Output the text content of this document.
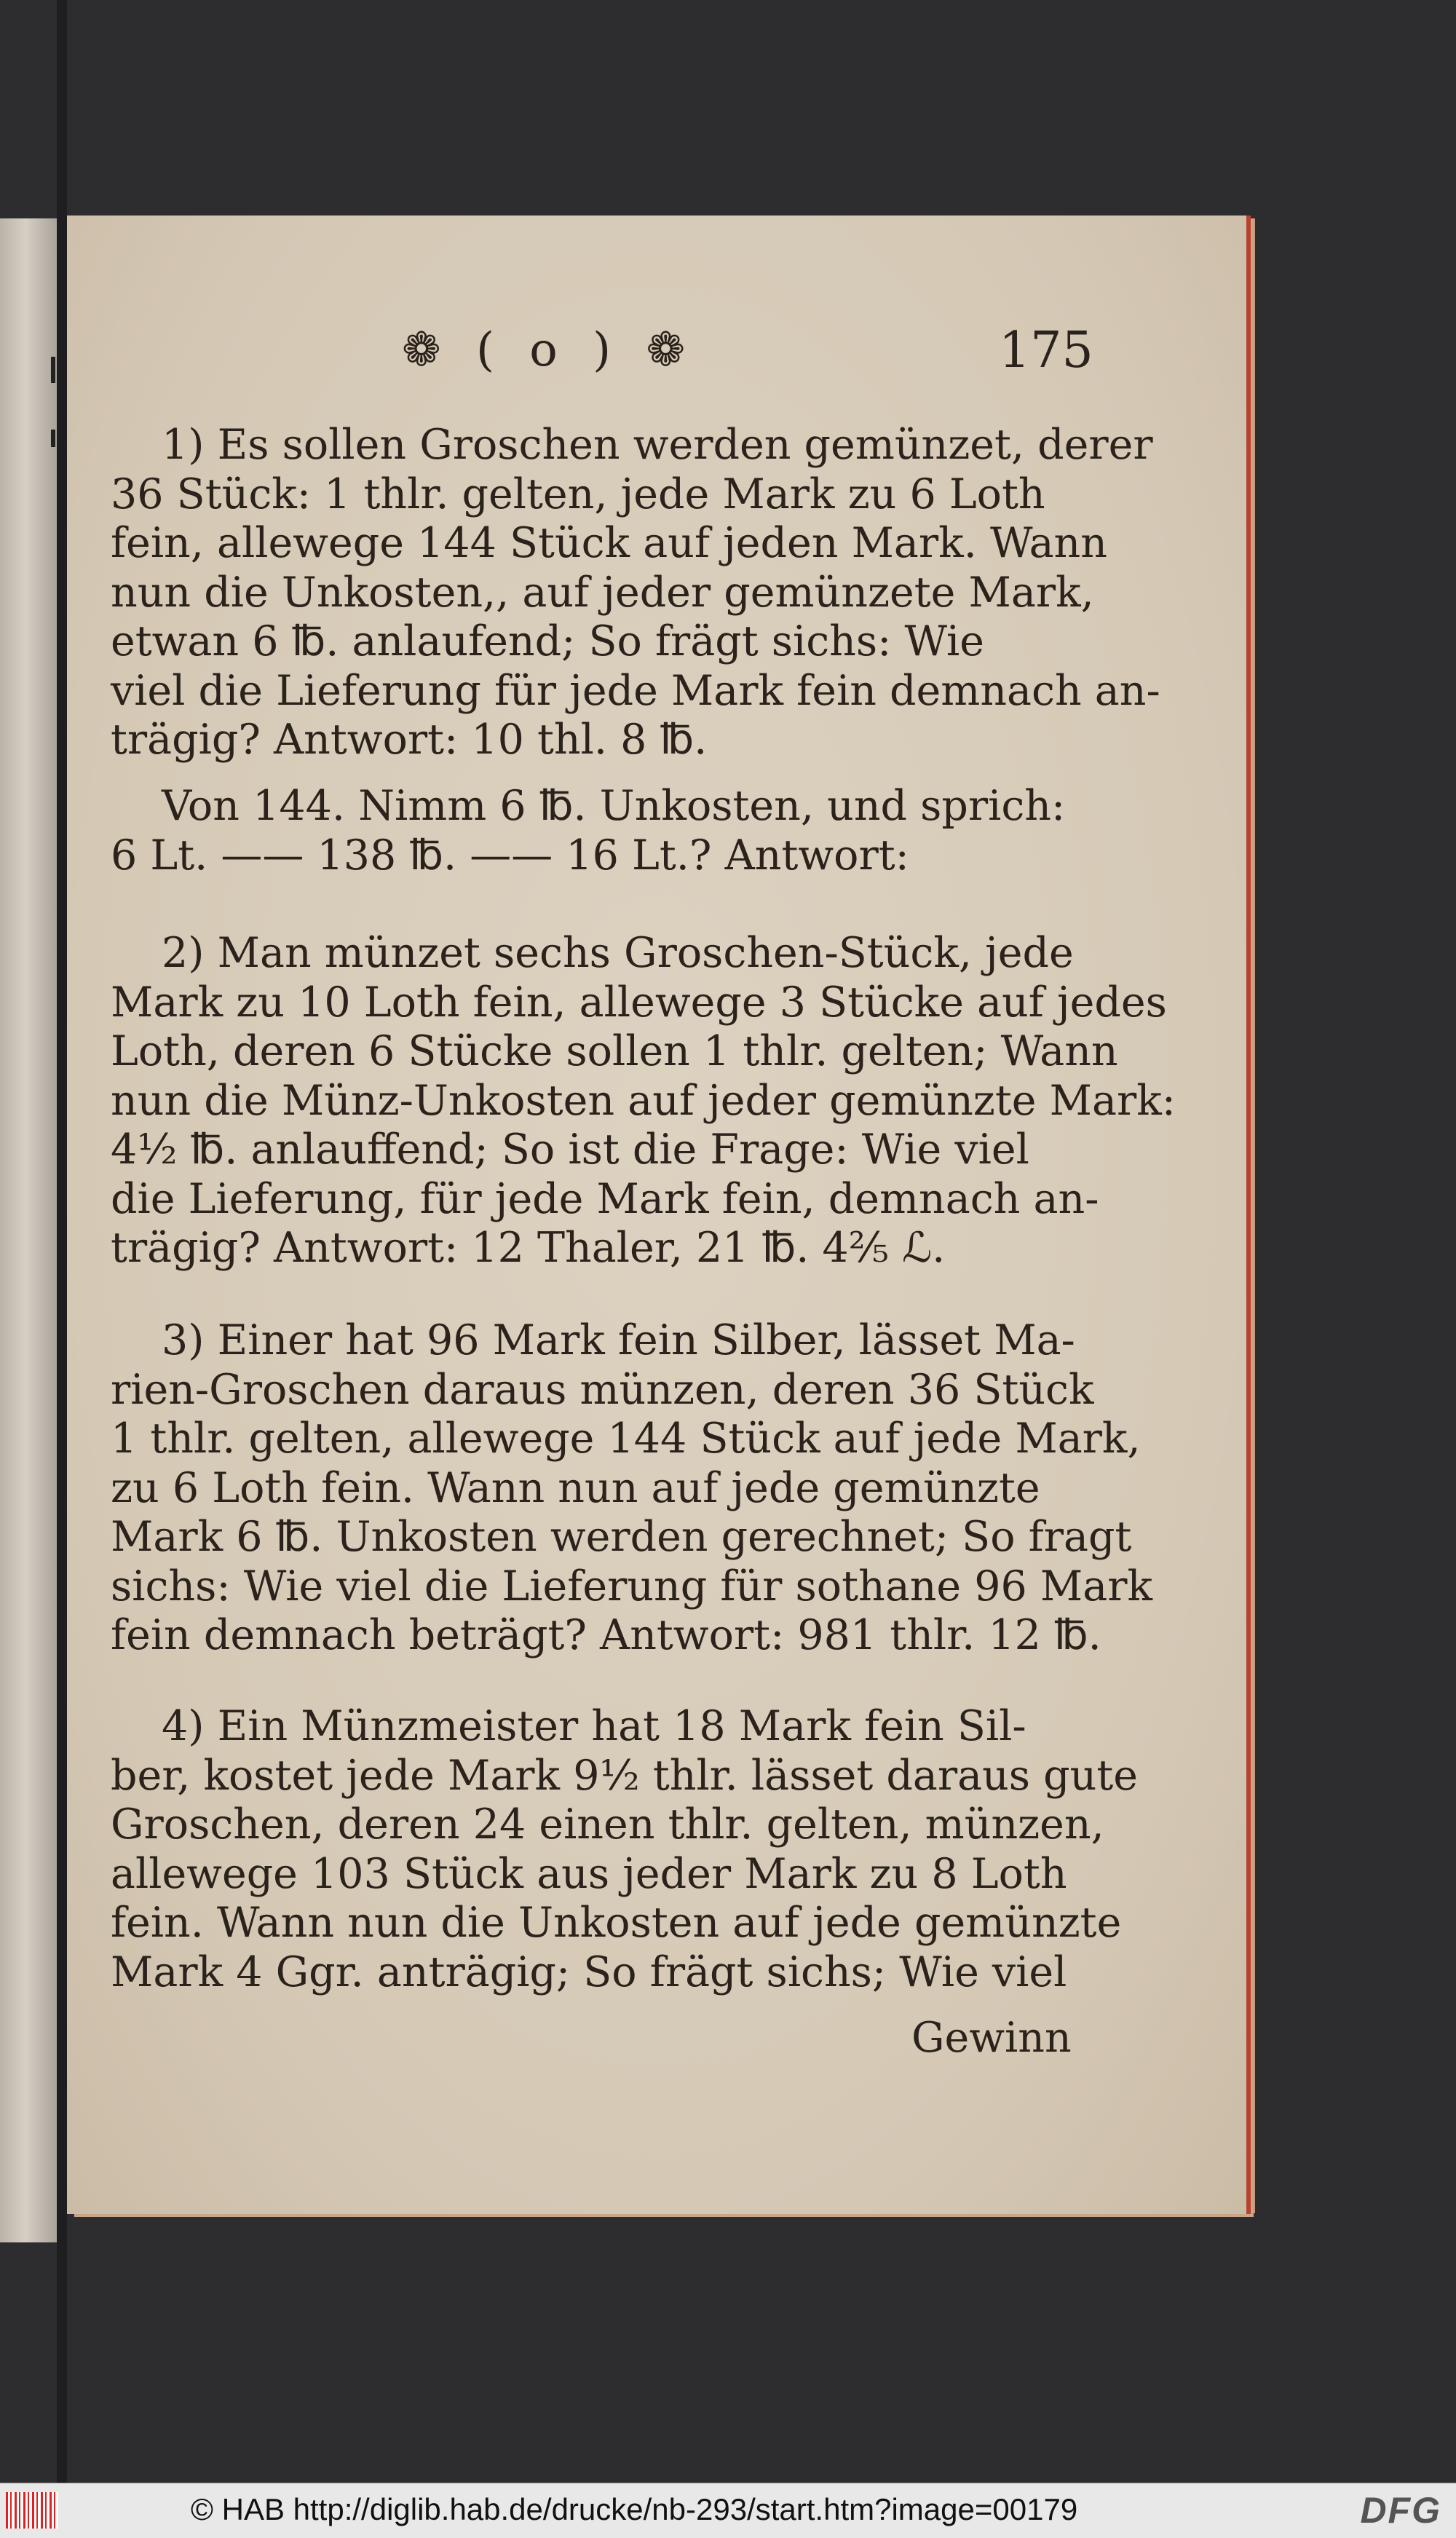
❁ ( o ) ❁	175
1) Es sollen Groschen werden gemünzet, derer
36 Stück: 1 thlr. gelten, jede Mark zu 6 Loth
fein, allewege 144 Stück auf jeden Mark. Wann
nun die Unkosten,, auf jeder gemünzete Mark,
etwan 6 ℔. anlaufend; So frägt sichs: Wie
viel die Lieferung für jede Mark fein demnach an-
trägig? Antwort: 10 thl. 8 ℔.
Von 144. Nimm 6 ℔. Unkosten, und sprich:
6 Lt. —— 138 ℔. —— 16 Lt.? Antwort:
2) Man münzet sechs Groschen-Stück, jede
Mark zu 10 Loth fein, allewege 3 Stücke auf jedes
Loth, deren 6 Stücke sollen 1 thlr. gelten; Wann
nun die Münz-Unkosten auf jeder gemünzte Mark:
4½ ℔. anlauffend; So ist die Frage: Wie viel
die Lieferung, für jede Mark fein, demnach an-
trägig? Antwort: 12 Thaler, 21 ℔. 4⅖ ℒ.
3) Einer hat 96 Mark fein Silber, lässet Ma-
rien-Groschen daraus münzen, deren 36 Stück
1 thlr. gelten, allewege 144 Stück auf jede Mark,
zu 6 Loth fein. Wann nun auf jede gemünzte
Mark 6 ℔. Unkosten werden gerechnet; So fragt
sichs: Wie viel die Lieferung für sothane 96 Mark
fein demnach beträgt? Antwort: 981 thlr. 12 ℔.
4) Ein Münzmeister hat 18 Mark fein Sil-
ber, kostet jede Mark 9½ thlr. lässet daraus gute
Groschen, deren 24 einen thlr. gelten, münzen,
allewege 103 Stück aus jeder Mark zu 8 Loth
fein. Wann nun die Unkosten auf jede gemünzte
Mark 4 Ggr. anträgig; So frägt sichs; Wie viel
Gewinn
© HAB http://diglib.hab.de/drucke/nb-293/start.htm?image=00179	DFG
